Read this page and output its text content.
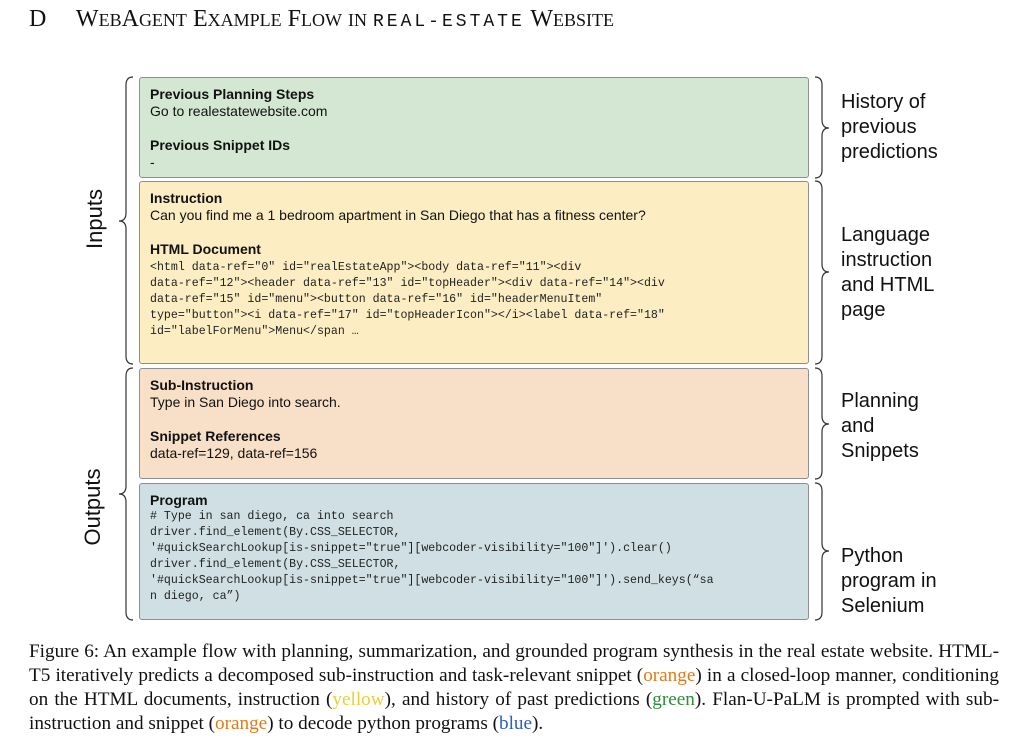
D WEBAGENT EXAMPLE FLOW IN REAL-ESTATE WEBSITE
Inputs
Outputs

Previous Planning Steps

Go to realestatewebsite.com

Previous Snippet IDs

-

Instruction

Can you find me a 1 bedroom apartment in San Diego that has a fitness center?

HTML Document

<html data-ref="0" id="realEstateApp"><body data-ref="11"><div
data-ref="12"><header data-ref="13" id="topHeader"><div data-ref="14"><div
data-ref="15" id="menu"><button data-ref="16" id="headerMenuItem"
type="button"><i data-ref="17" id="topHeaderIcon"></i><label data-ref="18"
id="labelForMenu">Menu</span …

Sub-Instruction

Type in San Diego into search.

Snippet References

data-ref=129, data-ref=156

Program

# Type in san diego, ca into search
driver.find_element(By.CSS_SELECTOR,
'#quickSearchLookup[is-snippet="true"][webcoder-visibility="100"]').clear()
driver.find_element(By.CSS_SELECTOR,
'#quickSearchLookup[is-snippet="true"][webcoder-visibility="100"]').send_keys(“sa
n diego, ca”)
History of
previous
predictions
Language
instruction
and HTML
page
Planning
and
Snippets
Python
program in
Selenium
Figure 6: An example flow with planning, summarization, and grounded program synthesis in the real estate website. HTML-T5 iteratively predicts a decomposed sub-instruction and task-relevant snippet (orange) in a closed-loop manner, conditioning on the HTML documents, instruction (yellow), and history of past predictions (green). Flan-U-PaLM is prompted with sub-instruction and snippet (orange) to decode python programs (blue).
